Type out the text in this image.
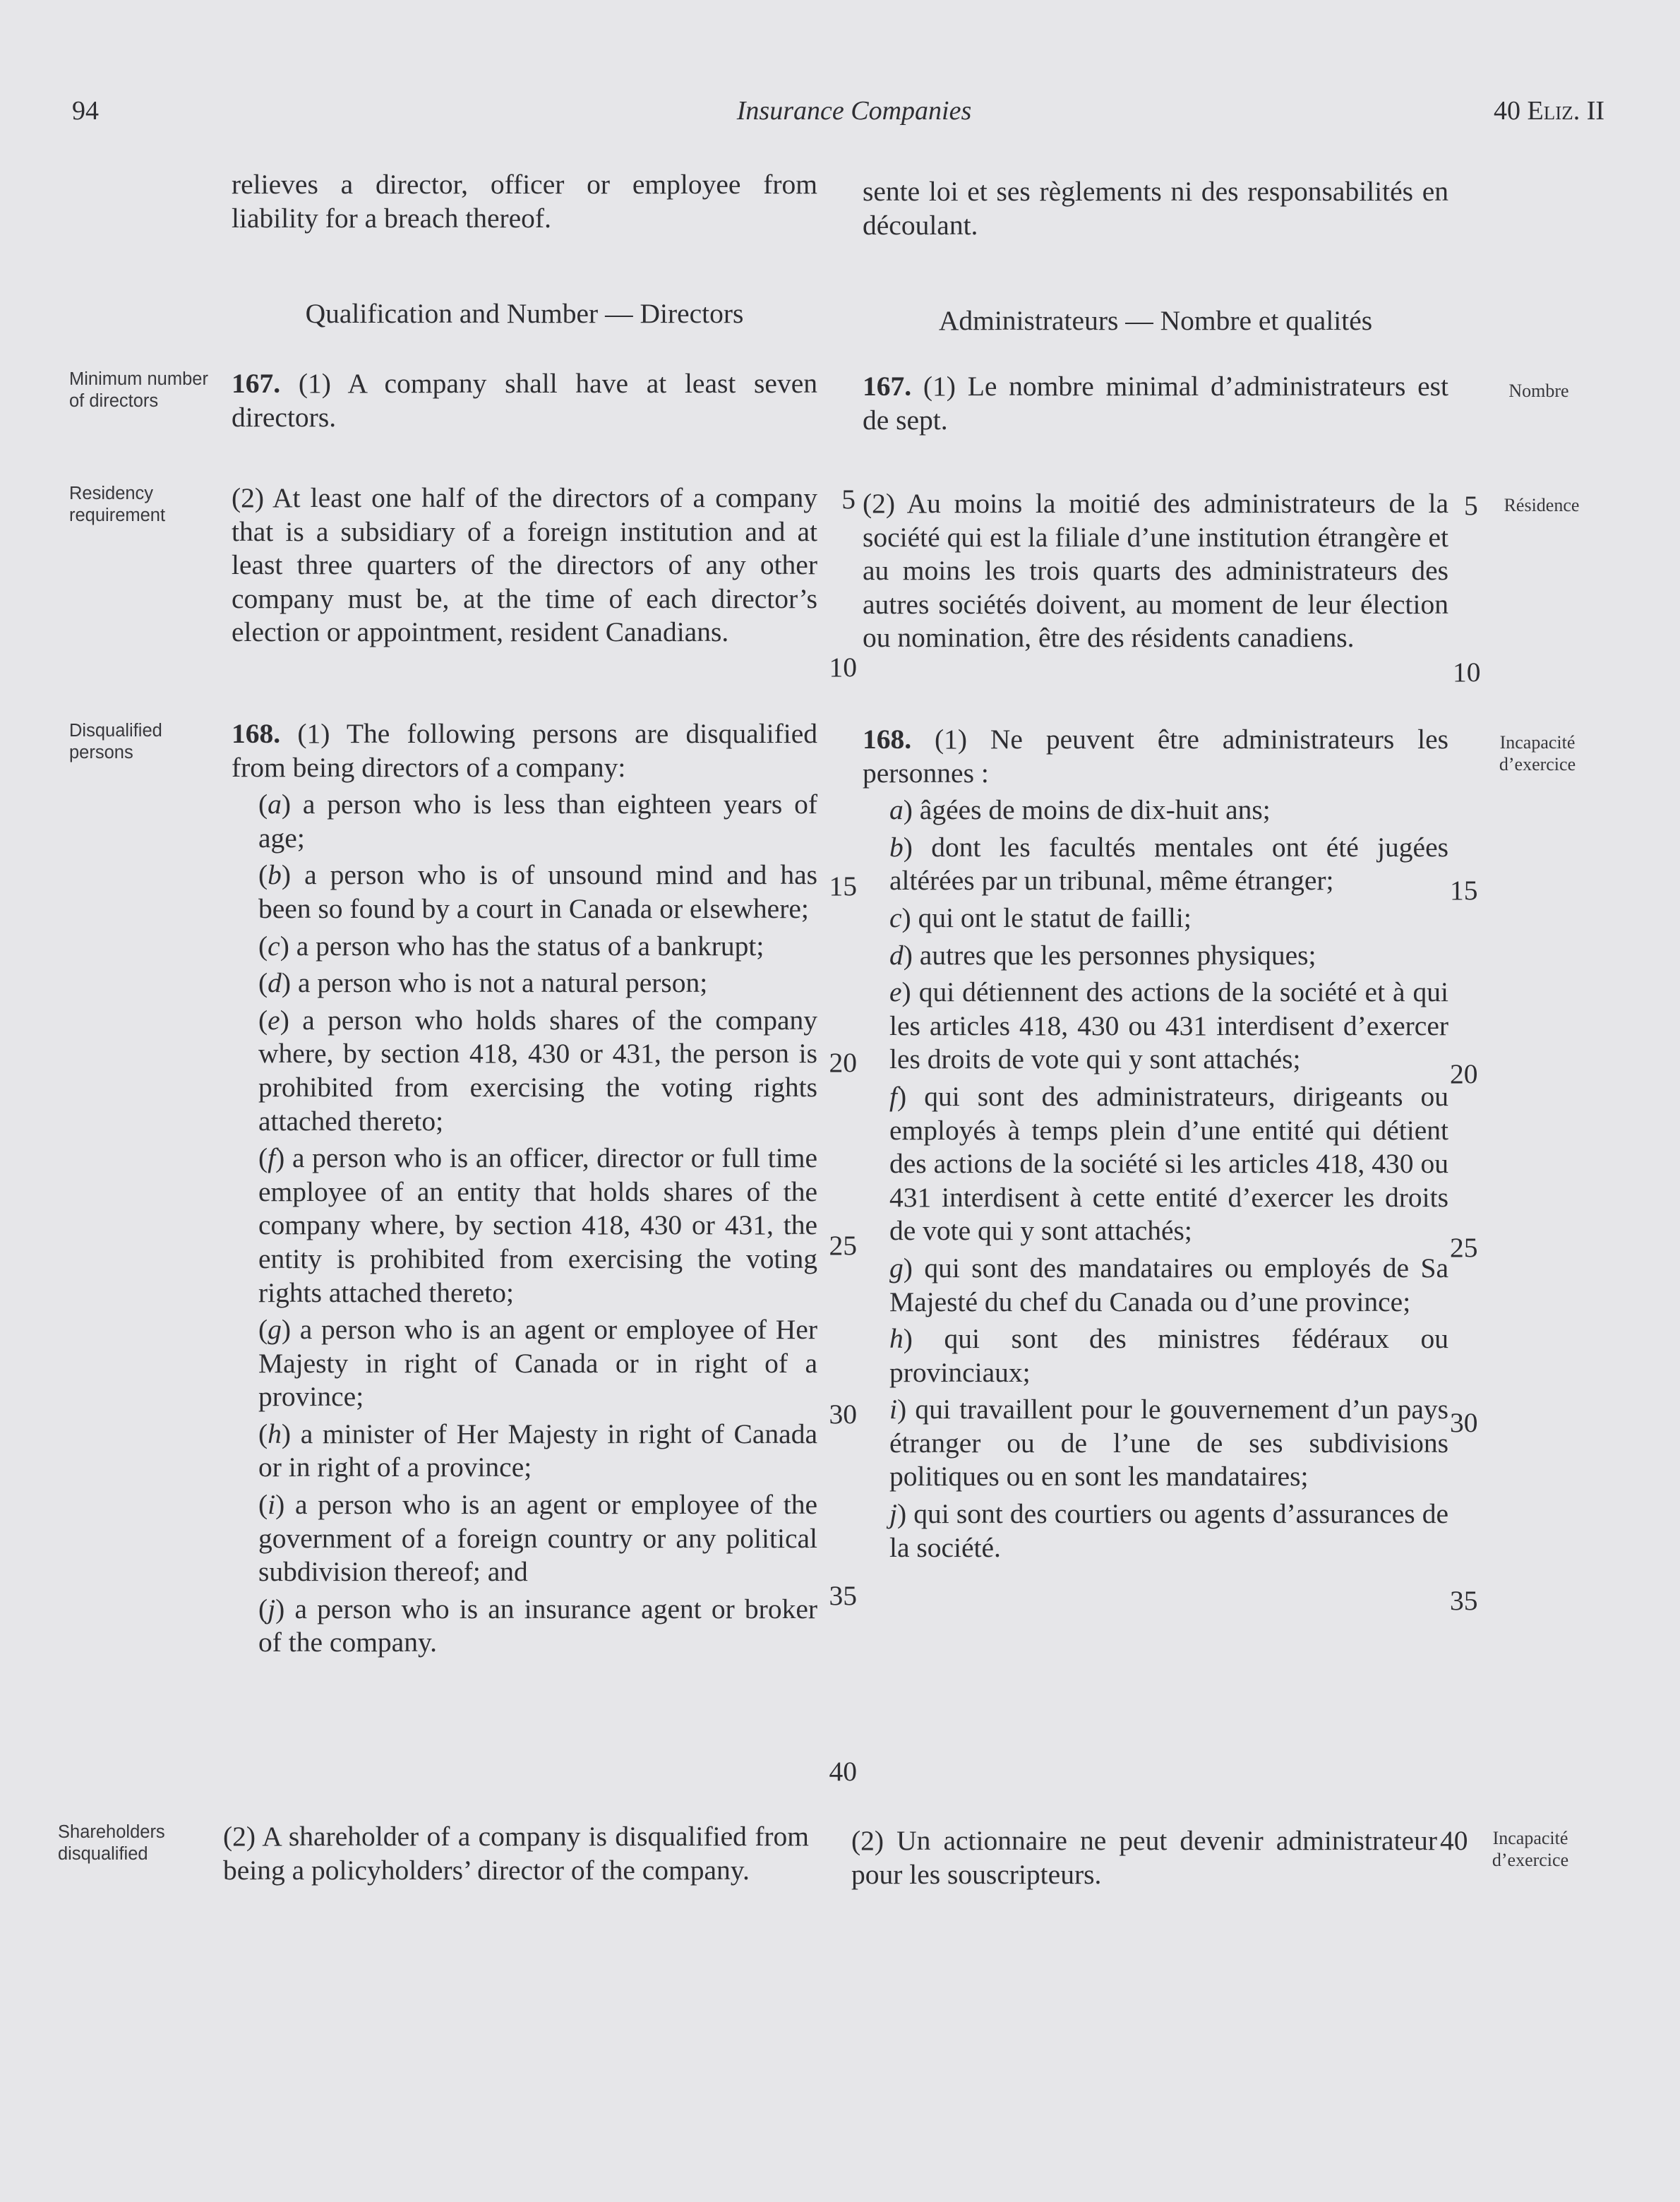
94	Insurance Companies	40 Eliz. II
relieves a director, officer or employee from liability for a breach thereof.
Qualification and Number — Directors

167. (1) A company shall have at least seven directors.

(2) At least one half of the directors of a company that is a subsidiary of a foreign institution and at least three quarters of the directors of any other company must be, at the time of each director’s election or appointment, resident Canadians.

168. (1) The following persons are disqualified from being directors of a company:

(a) a person who is less than eighteen years of age;

(b) a person who is of unsound mind and has been so found by a court in Canada or elsewhere;

(c) a person who has the status of a bankrupt;

(d) a person who is not a natural person;

(e) a person who holds shares of the company where, by section 418, 430 or 431, the person is prohibited from exercising the voting rights attached thereto;

(f) a person who is an officer, director or full time employee of an entity that holds shares of the company where, by section 418, 430 or 431, the entity is prohibited from exercising the voting rights attached thereto;

(g) a person who is an agent or employee of Her Majesty in right of Canada or in right of a province;

(h) a minister of Her Majesty in right of Canada or in right of a province;

(i) a person who is an agent or employee of the government of a foreign country or any political subdivision thereof; and

(j) a person who is an insurance agent or broker of the company.

(2) A shareholder of a company is disqualified from being a policyholders’ director of the company.
sente loi et ses règlements ni des responsabilités en découlant.
Administrateurs — Nombre et qualités

167. (1) Le nombre minimal d’administrateurs est de sept.

(2) Au moins la moitié des administrateurs de la société qui est la filiale d’une institution étrangère et au moins les trois quarts des administrateurs des autres sociétés doivent, au moment de leur élection ou nomination, être des résidents canadiens.

168. (1) Ne peuvent être administrateurs les personnes :

a) âgées de moins de dix-huit ans;

b) dont les facultés mentales ont été jugées altérées par un tribunal, même étranger;

c) qui ont le statut de failli;

d) autres que les personnes physiques;

e) qui détiennent des actions de la société et à qui les articles 418, 430 ou 431 interdisent d’exercer les droits de vote qui y sont attachés;

f) qui sont des administrateurs, dirigeants ou employés à temps plein d’une entité qui détient des actions de la société si les articles 418, 430 ou 431 interdisent à cette entité d’exercer les droits de vote qui y sont attachés;

g) qui sont des mandataires ou employés de Sa Majesté du chef du Canada ou d’une province;

h) qui sont des ministres fédéraux ou provinciaux;

i) qui travaillent pour le gouvernement d’un pays étranger ou de l’une de ses subdivisions politiques ou en sont les mandataires;

j) qui sont des courtiers ou agents d’assurances de la société.

(2) Un actionnaire ne peut devenir administrateur pour les souscripteurs.
Minimum number of directors
Residency requirement
Disqualified persons
Shareholders disqualified
Nombre
Résidence
Incapacité d’exercice
Incapacité d’exercice
5
10
15
20
25
30
35
40
5
10
15
20
25
30
35
40
